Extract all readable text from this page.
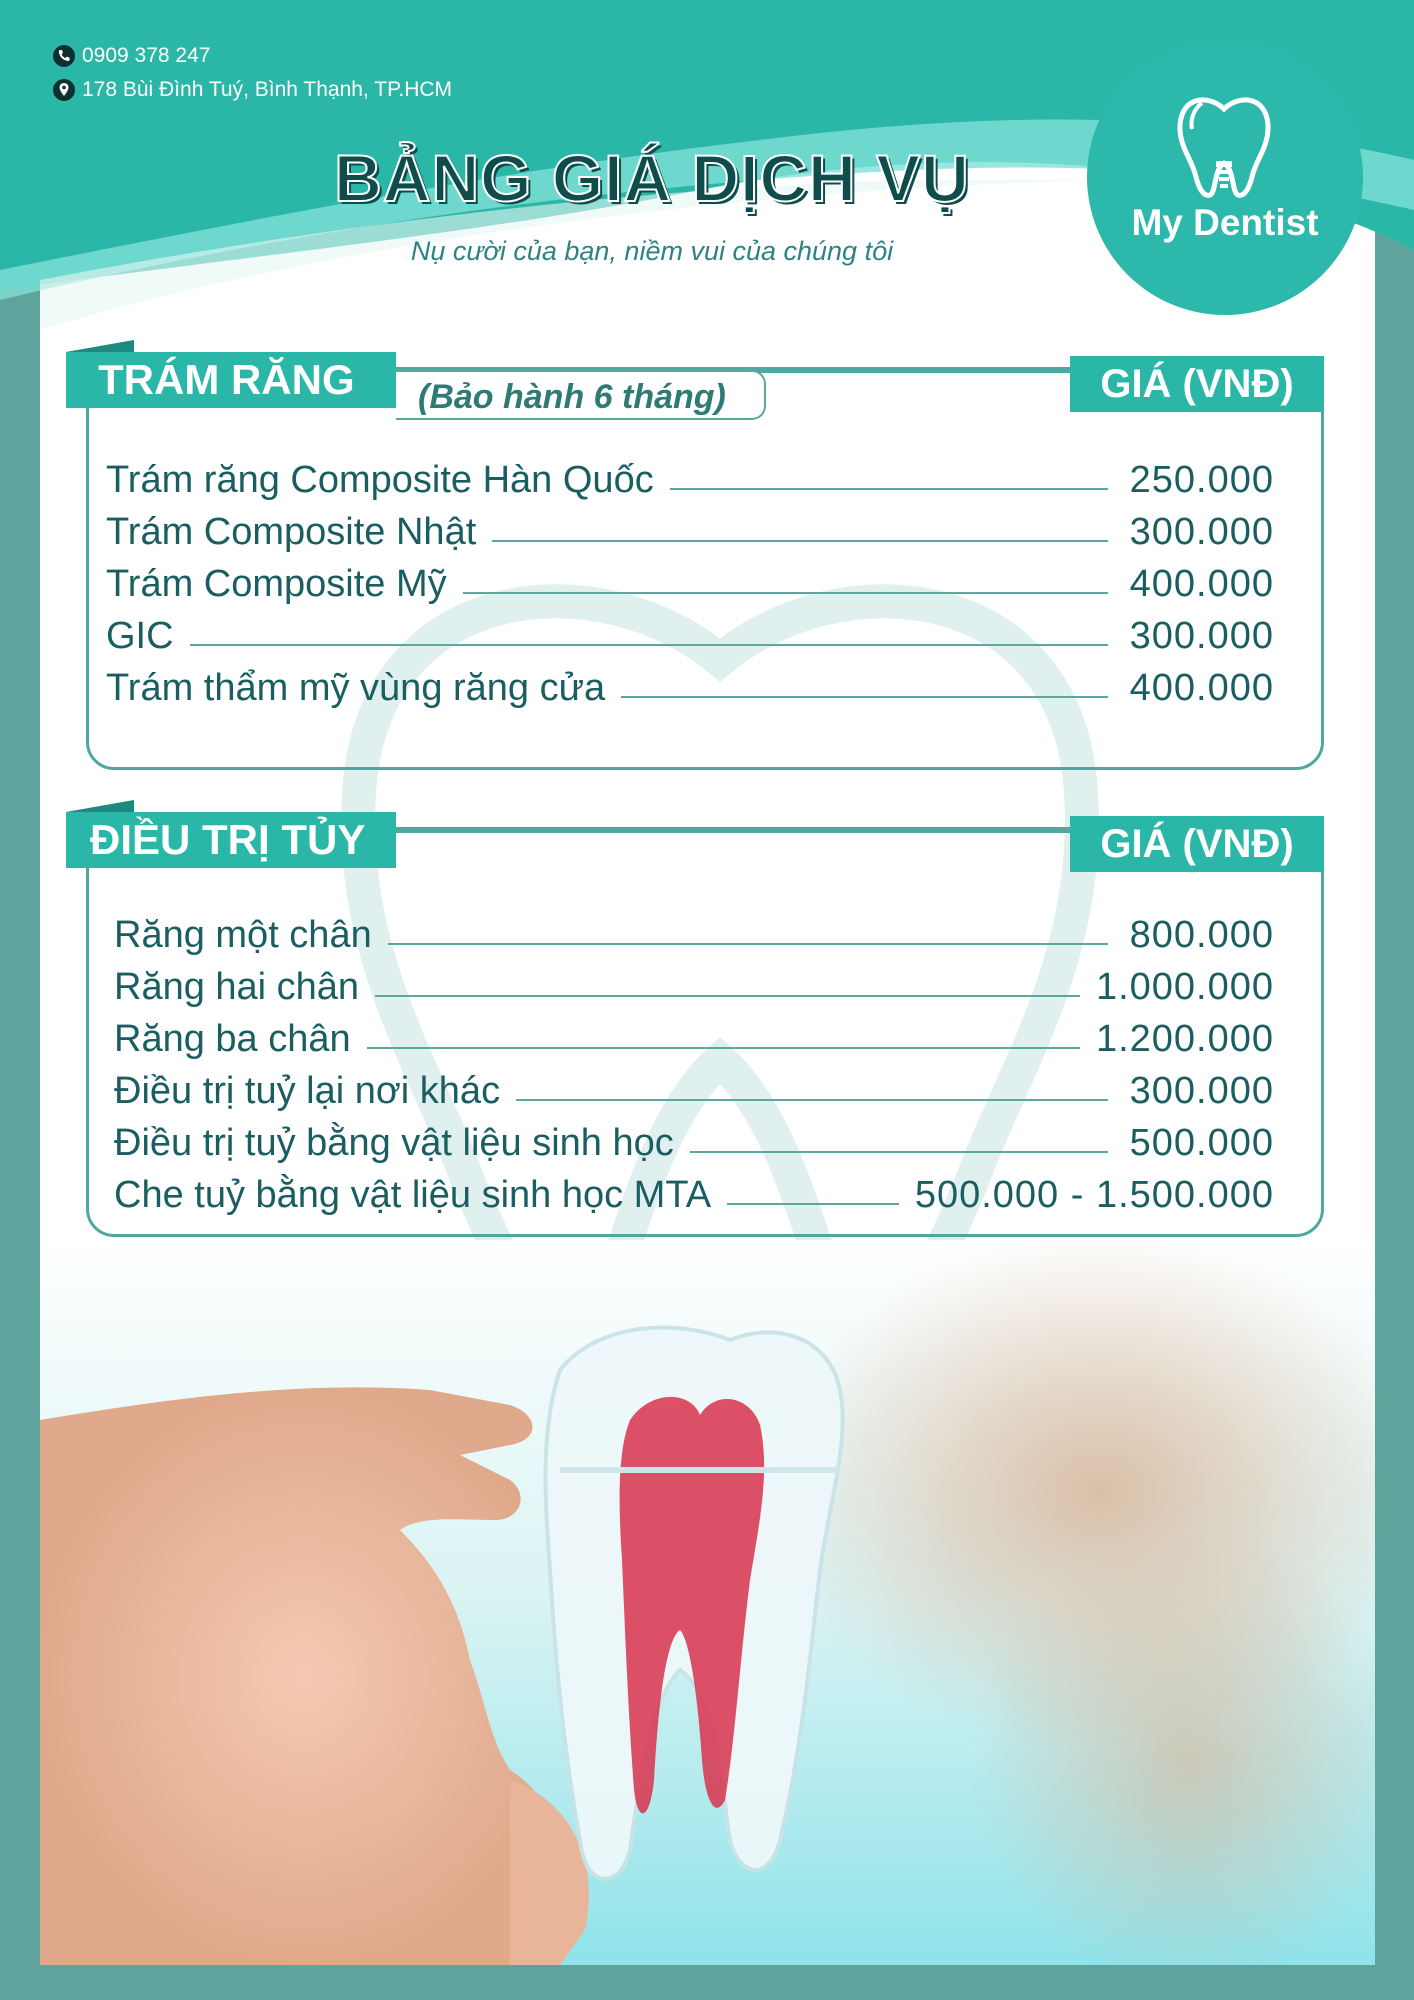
0909 378 247
178 Bùi Đình Tuý, Bình Thạnh, TP.HCM
BẢNG GIÁ DỊCH VỤ
Nụ cười của bạn, niềm vui của chúng tôi
My Dentist
(Bảo hành 6 tháng)
TRÁM RĂNG	GIÁ (VNĐ)
Trám răng Composite Hàn Quốc	250.000
Trám Composite Nhật	300.000
Trám Composite Mỹ	400.000
GIC	300.000
Trám thẩm mỹ vùng răng cửa	400.000
ĐIỀU TRỊ TỦY	GIÁ (VNĐ)
Răng một chân	800.000
Răng hai chân	1.000.000
Răng ba chân	1.200.000
Điều trị tuỷ lại nơi khác	300.000
Điều trị tuỷ bằng vật liệu sinh học	500.000
Che tuỷ bằng vật liệu sinh học MTA	500.000 - 1.500.000
